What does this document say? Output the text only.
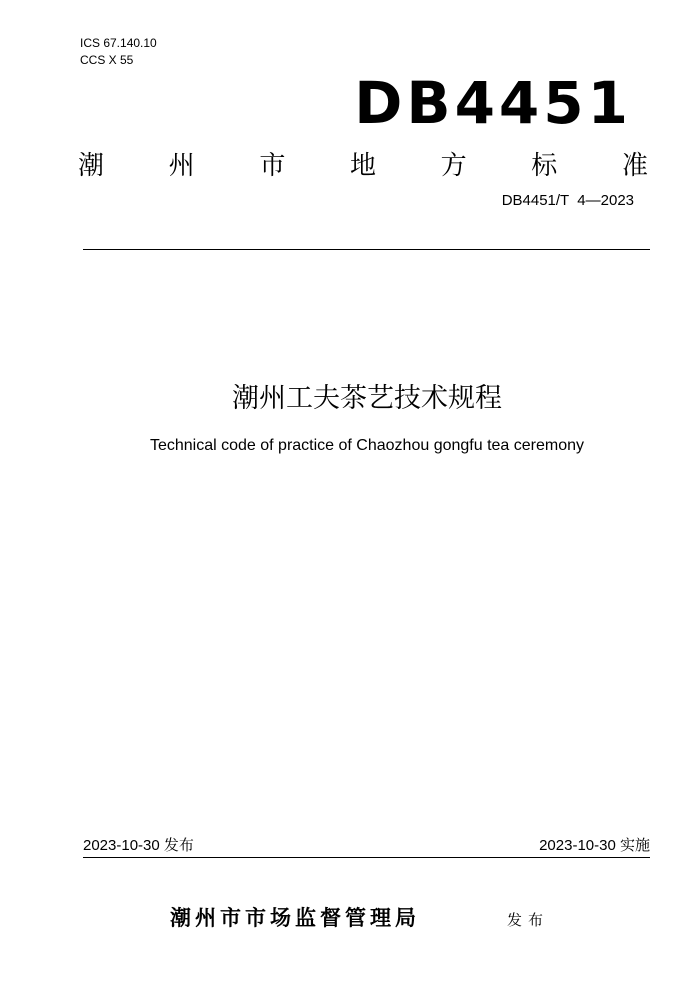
ICS 67.140.10
CCS X 55
DB4451
潮 州 市 地 方 标 准
DB4451/T  4—2023
潮州工夫茶艺技术规程
Technical code of practice of Chaozhou gongfu tea ceremony
2023-10-30 发布	2023-10-30 实施
潮州市市场监督管理局	发布
